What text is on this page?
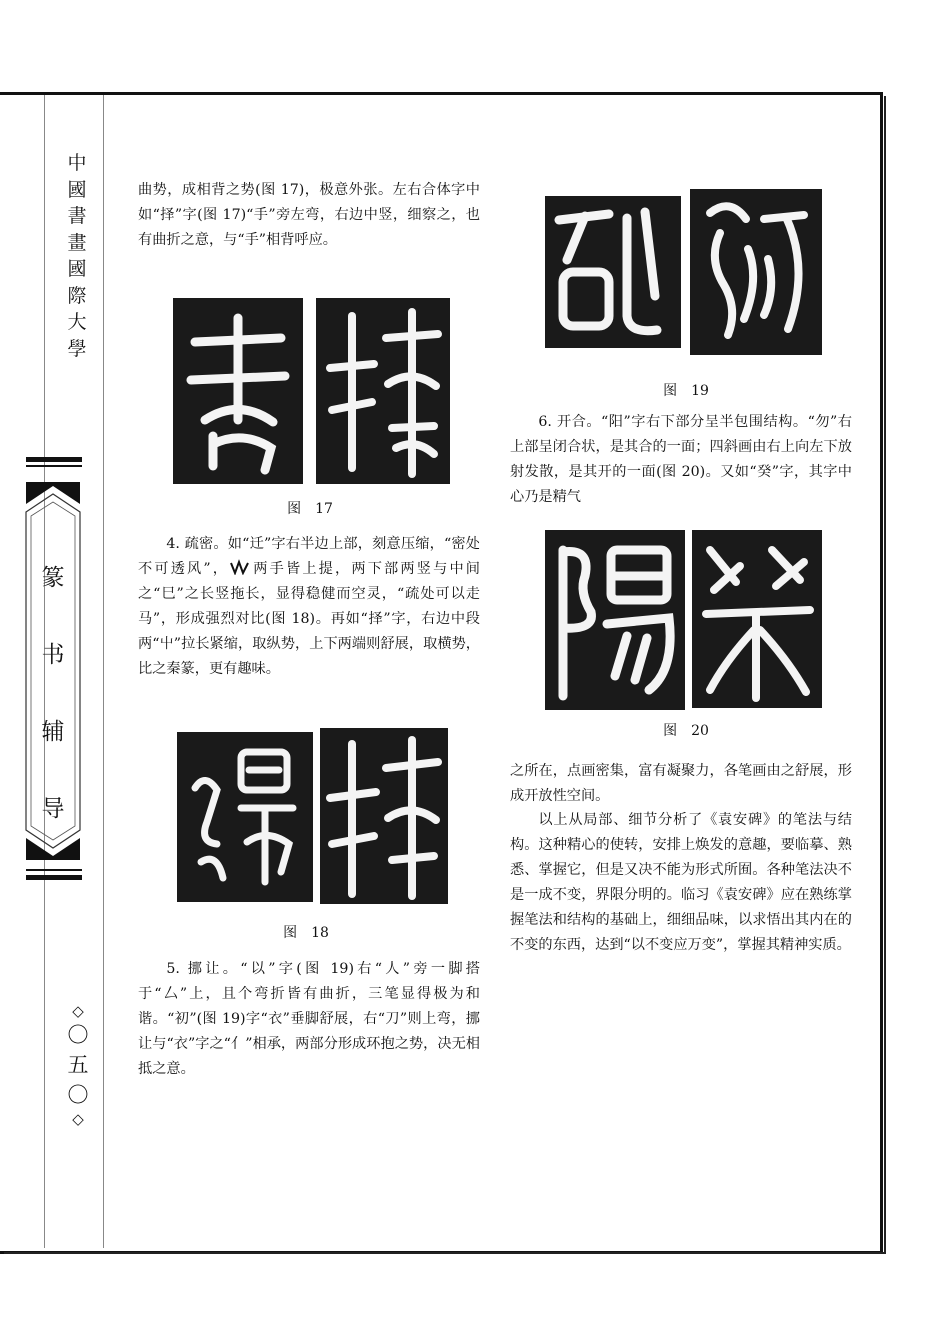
中
國
書
畫
國
際
大
學
篆
书
辅
导
◇
〇
五
〇
◇

曲势，成相背之势(图 17)，极意外张。左右合体字中如“择”字(图 17)“手”旁左弯，右边中竖，细察之，也有曲折之意，与“手”相背呼应。

图　17

4. 疏密。如“迁”字右半边上部，刻意压缩，“密处不可透风”， 两手皆上提，两下部两竖与中间之“巳”之长竖拖长，显得稳健而空灵，“疏处可以走马”，形成强烈对比(图 18)。再如“择”字，右边中段两“屮”拉长紧缩，取纵势，上下两端则舒展，取横势，比之秦篆，更有趣味。

图　18

5. 挪让。“以”字(图 19)右“人”旁一脚搭于“厶”上，且个弯折皆有曲折，三笔显得极为和谐。“初”(图 19)字“衣”垂脚舒展，右“刀”则上弯，挪让与“衣”字之“亻”相承，两部分形成环抱之势，决无相抵之意。

图　19

6. 开合。“阳”字右下部分呈半包围结构。“勿”右上部呈闭合状，是其合的一面；四斜画由右上向左下放射发散，是其开的一面(图 20)。又如“癸”字，其字中心乃是精气

图　20

之所在，点画密集，富有凝聚力，各笔画由之舒展，形成开放性空间。

以上从局部、细节分析了《袁安碑》的笔法与结构。这种精心的使转，安排上焕发的意趣，要临摹、熟悉、掌握它，但是又决不能为形式所囿。各种笔法决不是一成不变，界限分明的。临习《袁安碑》应在熟练掌握笔法和结构的基础上，细细品味，以求悟出其内在的不变的东西，达到“以不变应万变”，掌握其精神实质。
